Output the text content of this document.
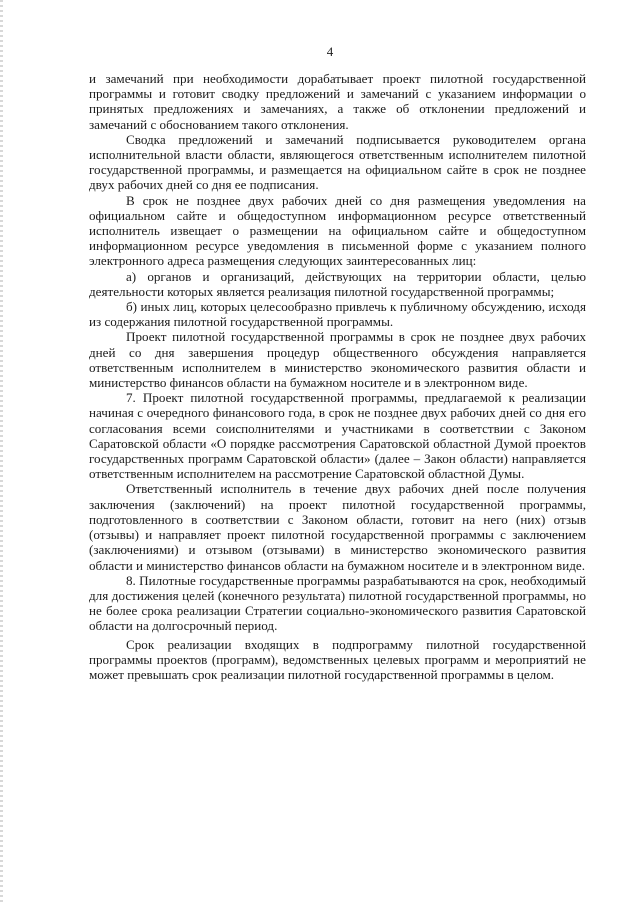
4

и замечаний при необходимости дорабатывает проект пилотной государственной программы и готовит сводку предложений и замечаний с указанием информации о принятых предложениях и замечаниях, а также об отклонении предложений и замечаний с обоснованием такого отклонения.

Сводка предложений и замечаний подписывается руководителем органа исполнительной власти области, являющегося ответственным исполнителем пилотной государственной программы, и размещается на официальном сайте в срок не позднее двух рабочих дней со дня ее подписания.

В срок не позднее двух рабочих дней со дня размещения уведомления на официальном сайте и общедоступном информационном ресурсе ответственный исполнитель извещает о размещении на официальном сайте и общедоступном информационном ресурсе уведомления в письменной форме с указанием полного электронного адреса размещения следующих заинтересованных лиц:

а) органов и организаций, действующих на территории области, целью деятельности которых является реализация пилотной государственной программы;

б) иных лиц, которых целесообразно привлечь к публичному обсуждению, исходя из содержания пилотной государственной программы.

Проект пилотной государственной программы в срок не позднее двух рабочих дней со дня завершения процедур общественного обсуждения направляется ответственным исполнителем в министерство экономического развития области и министерство финансов области на бумажном носителе и в электронном виде.

7. Проект пилотной государственной программы, предлагаемой к реализации начиная с очередного финансового года, в срок не позднее двух рабочих дней со дня его согласования всеми соисполнителями и участниками в соответствии с Законом Саратовской области «О порядке рассмотрения Саратовской областной Думой проектов государственных программ Саратовской области» (далее – Закон области) направляется ответственным исполнителем на рассмотрение Саратовской областной Думы.

Ответственный исполнитель в течение двух рабочих дней после получения заключения (заключений) на проект пилотной государственной программы, подготовленного в соответствии с Законом области, готовит на него (них) отзыв (отзывы) и направляет проект пилотной государственной программы с заключением (заключениями) и отзывом (отзывами) в министерство экономического развития области и министерство финансов области на бумажном носителе и в электронном виде.

8. Пилотные государственные программы разрабатываются на срок, необходимый для достижения целей (конечного результата) пилотной государственной программы, но не более срока реализации Стратегии социально-экономического развития Саратовской области на долгосрочный период.

Срок реализации входящих в подпрограмму пилотной государственной программы проектов (программ), ведомственных целевых программ и мероприятий не может превышать срок реализации пилотной государственной программы в целом.
